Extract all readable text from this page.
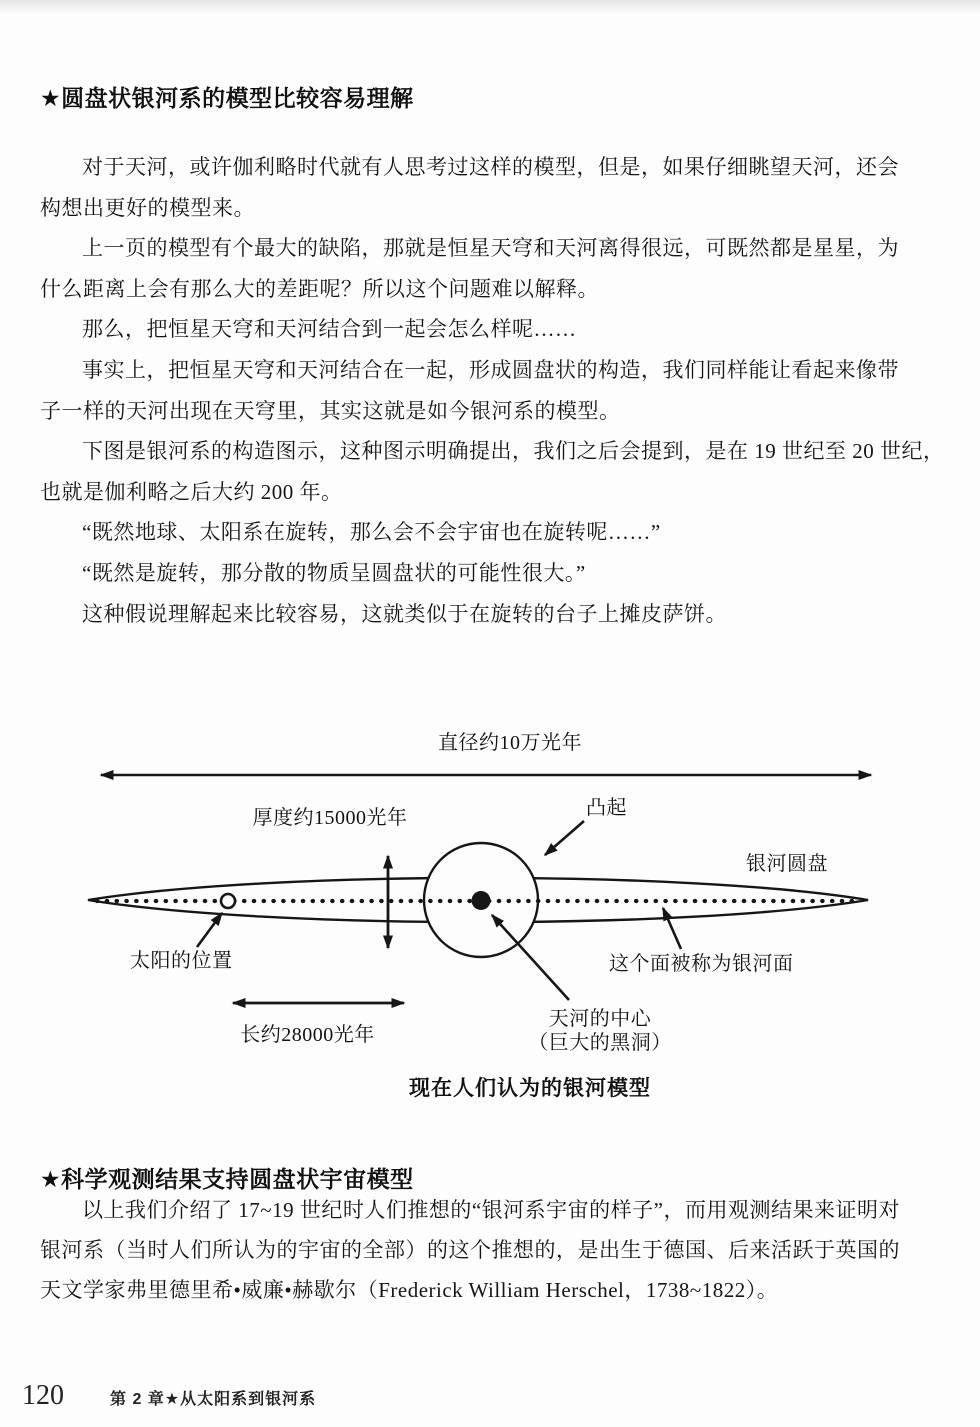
★圆盘状银河系的模型比较容易理解
对于天河，或许伽利略时代就有人思考过这样的模型，但是，如果仔细眺望天河，还会
构想出更好的模型来。
上一页的模型有个最大的缺陷，那就是恒星天穹和天河离得很远，可既然都是星星，为
什么距离上会有那么大的差距呢？所以这个问题难以解释。
那么，把恒星天穹和天河结合到一起会怎么样呢……
事实上，把恒星天穹和天河结合在一起，形成圆盘状的构造，我们同样能让看起来像带
子一样的天河出现在天穹里，其实这就是如今银河系的模型。
下图是银河系的构造图示，这种图示明确提出，我们之后会提到，是在 19 世纪至 20 世纪，
也就是伽利略之后大约 200 年。
“既然地球、太阳系在旋转，那么会不会宇宙也在旋转呢……”
“既然是旋转，那分散的物质呈圆盘状的可能性很大。”
这种假说理解起来比较容易，这就类似于在旋转的台子上摊皮萨饼。
直径约10万光年
厚度约15000光年	凸起
银河圆盘
太阳的位置	这个面被称为银河面
长约28000光年
天河的中心
（巨大的黑洞）
现在人们认为的银河模型
★科学观测结果支持圆盘状宇宙模型
以上我们介绍了 17~19 世纪时人们推想的“银河系宇宙的样子”，而用观测结果来证明对
银河系（当时人们所认为的宇宙的全部）的这个推想的，是出生于德国、后来活跃于英国的
天文学家弗里德里希•威廉•赫歇尔（Frederick William Herschel，1738~1822）。
120	第 2 章★从太阳系到银河系
